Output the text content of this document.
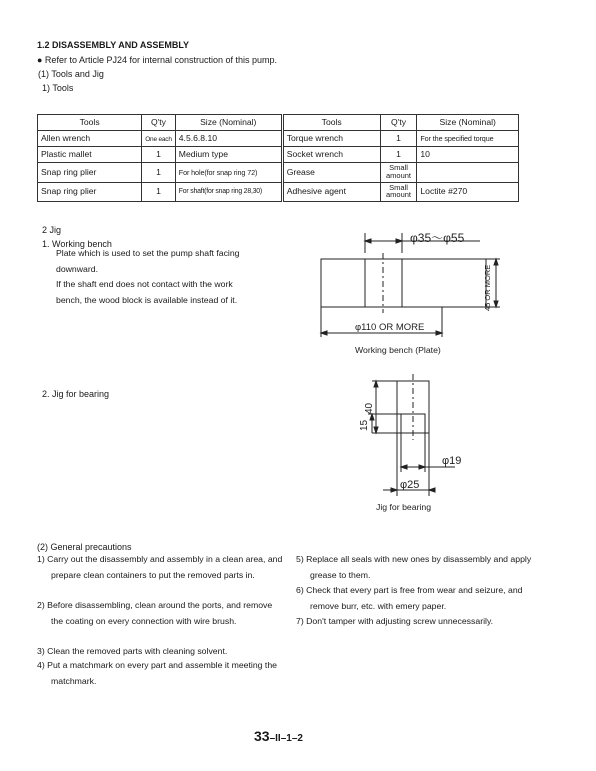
1.2 DISASSEMBLY AND ASSEMBLY
● Refer to Article PJ24 for internal construction of this pump.
(1) Tools and Jig
1) Tools
Tools	Q'ty	Size (Nominal)	Tools	Q'ty	Size (Nominal)
Allen wrench	One each	4.5.6.8.10	Torque wrench	1	For the specified torque
Plastic mallet	1	Medium type	Socket wrench	1	10
Snap ring plier	1	For hole(for snap ring 72)	Grease	Small amount	
Snap ring plier	1	For shaft(for snap ring 28,30)	Adhesive agent	Small amount	Loctite #270
2 Jig
1. Working bench
Plate which is used to set the pump shaft facing
downward.
If the shaft end does not contact with the work
bench, the wood block is available instead of it.
2. Jig for bearing
φ35～φ55
45 OR MORE
φ110 OR MORE
Working bench (Plate)
40
15
φ19
φ25
Jig for bearing
(2) General precautions
1) Carry out the disassembly and assembly in a clean area, and prepare clean containers to put the removed parts in.
2) Before disassembling, clean around the ports, and remove the coating on every connection with wire brush.
3) Clean the removed parts with cleaning solvent.
4) Put a matchmark on every part and assemble it meeting the matchmark.
5) Replace all seals with new ones by disassembly and apply grease to them.
6) Check that every part is free from wear and seizure, and remove burr, etc. with emery paper.
7) Don't tamper with adjusting screw unnecessarily.
33–II–1–2
